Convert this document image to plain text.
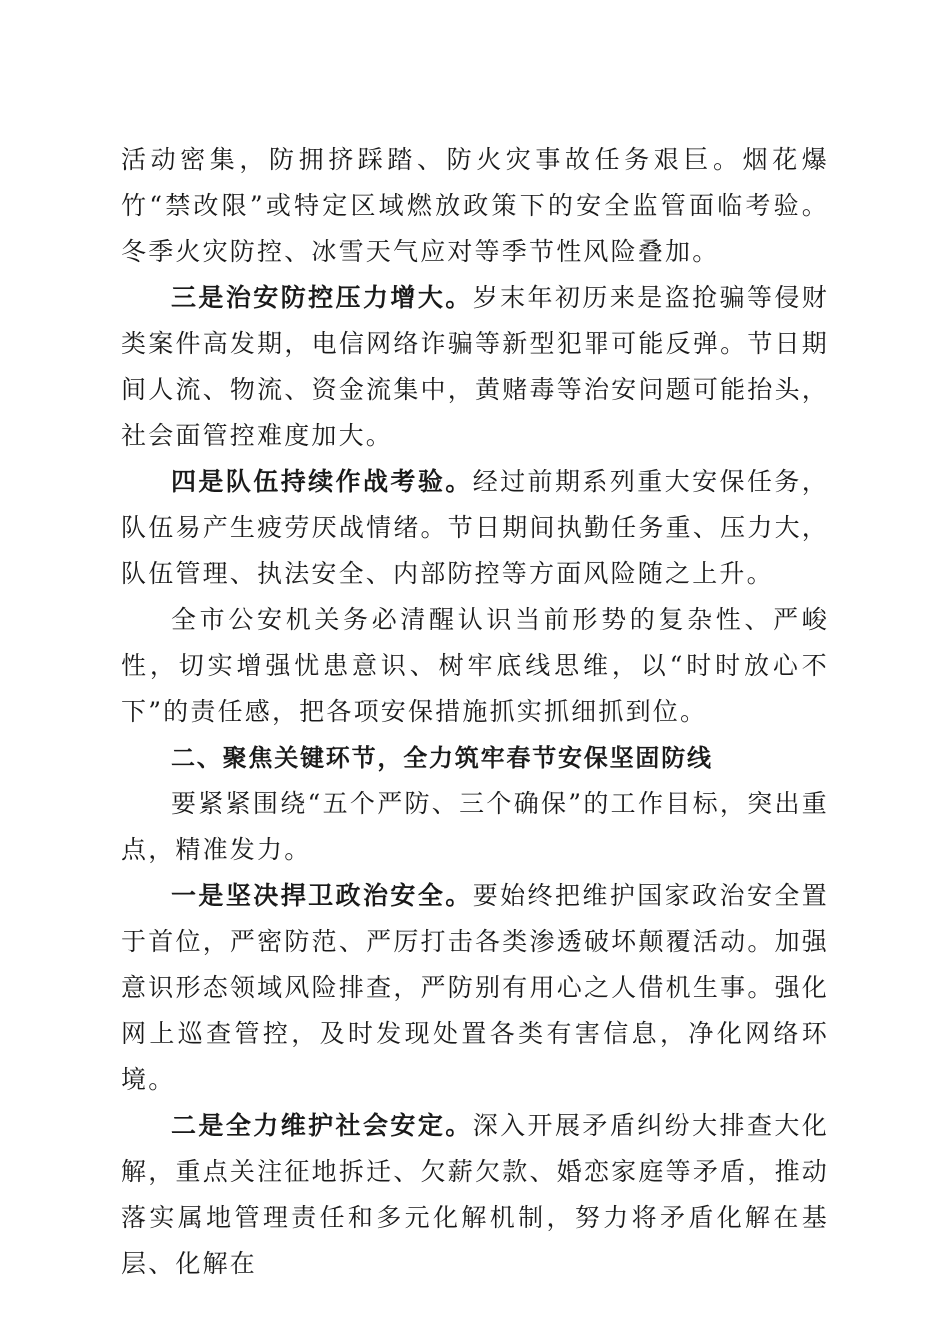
活动密集，防拥挤踩踏、防火灾事故任务艰巨。烟花爆竹“禁改限”或特定区域燃放政策下的安全监管面临考验。冬季火灾防控、冰雪天气应对等季节性风险叠加。

三是治安防控压力增大。岁末年初历来是盗抢骗等侵财类案件高发期，电信网络诈骗等新型犯罪可能反弹。节日期间人流、物流、资金流集中，黄赌毒等治安问题可能抬头，社会面管控难度加大。

四是队伍持续作战考验。经过前期系列重大安保任务，队伍易产生疲劳厌战情绪。节日期间执勤任务重、压力大，队伍管理、执法安全、内部防控等方面风险随之上升。

全市公安机关务必清醒认识当前形势的复杂性、严峻性，切实增强忧患意识、树牢底线思维，以“时时放心不下”的责任感，把各项安保措施抓实抓细抓到位。

二、聚焦关键环节，全力筑牢春节安保坚固防线

要紧紧围绕“五个严防、三个确保”的工作目标，突出重点，精准发力。

一是坚决捍卫政治安全。要始终把维护国家政治安全置于首位，严密防范、严厉打击各类渗透破坏颠覆活动。加强意识形态领域风险排查，严防别有用心之人借机生事。强化网上巡查管控，及时发现处置各类有害信息，净化网络环境。

二是全力维护社会安定。深入开展矛盾纠纷大排查大化解，重点关注征地拆迁、欠薪欠款、婚恋家庭等矛盾，推动落实属地管理责任和多元化解机制，努力将矛盾化解在基层、化解在
